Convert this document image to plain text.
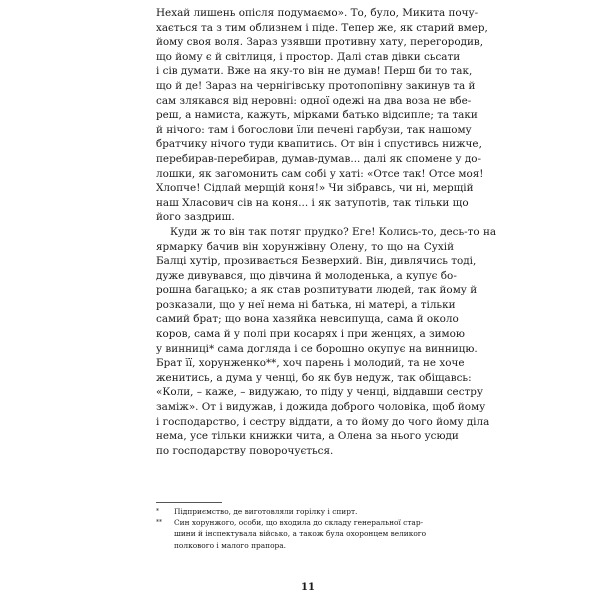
Нехай лишень опісля подумаємо». То, було, Микита почу-
хається та з тим облизнем і піде. Тепер же, як старий вмер,
йому своя воля. Зараз узявши противну хату, перегородив,
що йому є й світлиця, і простор. Далі став дівки сьсати
і сів думати. Вже на яку-то він не думав! Перш би то так,
що й де! Зараз на чернігівську протопопівну закинув та й
сам злякався від неровні: одної одежі на два воза не вбе-
реш, а намиста, кажуть, мірками батько відсипле; та таки
й нічого: там і богослови їли печені гарбузи, так нашому
братчику нічого туди квапитись. От він і спустивсь нижче,
перебирав-перебирав, думав-думав... далі як спомене у до-
лошки, як загомонить сам собі у хаті: «Отсе так! Отсе моя!
Хлопче! Сідлай мерщій коня!» Чи зібравсь, чи ні, мерщій
наш Хласович сів на коня... і як затупотів, так тільки що
його заздриш.
Куди ж то він так потяг прудко? Еге! Колись-то, десь-то на
ярмарку бачив він хорунжівну Олену, то що на Сухій
Балці хутір, прозивається Безверхий. Він, дивлячись тоді,
дуже дивувався, що дівчина й молоденька, а купує бо-
рошна багацько; а як став розпитувати людей, так йому й
розказали, що у неї нема ні батька, ні матері, а тільки
самий брат; що вона хазяйка невсипуща, сама й около
коров, сама й у полі при косарях і при женцях, а зимою
у винниці* сама догляда і се борошно окупує на винницю.
Брат її, хорунженко**, хоч парень і молодий, та не хоче
женитись, а дума у ченці, бо як був недуж, так обіщавсь:
«Коли, – каже, – видужаю, то піду у ченці, віддавши сестру
заміж». От і видужав, і дожида доброго чоловіка, щоб йому
і господарство, і сестру віддати, а то йому до чого йому діла
нема, усе тільки книжки чита, а Олена за нього усюди
по господарству поворочується.
* Підприємство, де виготовляли горілку і спирт.
** Син хорунжого, особи, що входила до складу генеральної стар-
шини й інспектувала військо, а також була охоронцем великого
полкового і малого прапора.
11
